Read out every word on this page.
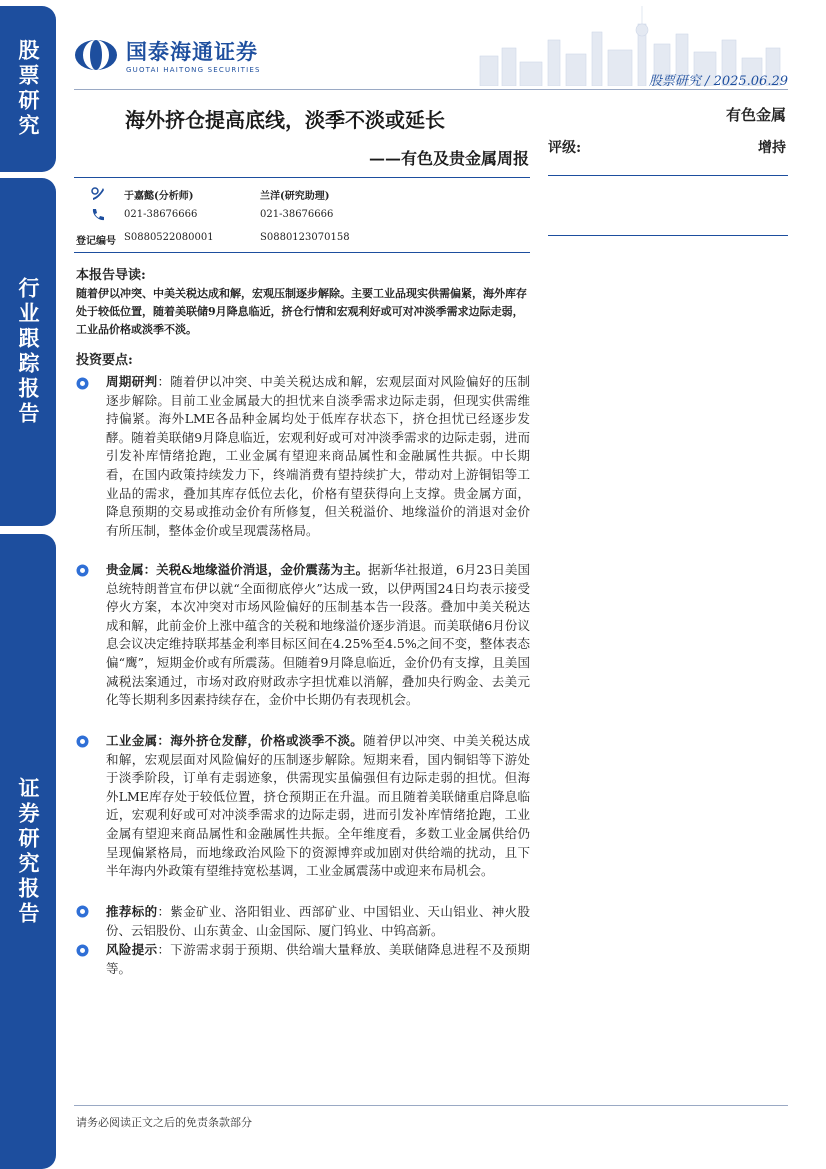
股票研究
行业跟踪报告
证券研究报告
国泰海通证券
GUOTAI HAITONG SECURITIES
股票研究 / 2025.06.29
海外挤仓提高底线，淡季不淡或延长
——有色及贵金属周报
有色金属
评级:	增持
于嘉懿(分析师)	兰洋(研究助理)
021-38676666	021-38676666
登记编号 S0880522080001	S0880123070158
本报告导读:
随着伊以冲突、中美关税达成和解，宏观压制逐步解除。主要工业品现实供需偏紧，海外库存处于较低位置，随着美联储9月降息临近，挤仓行情和宏观利好或可对冲淡季需求边际走弱，工业品价格或淡季不淡。
投资要点:
周期研判：随着伊以冲突、中美关税达成和解，宏观层面对风险偏好的压制逐步解除。目前工业金属最大的担忧来自淡季需求边际走弱，但现实供需维持偏紧。海外LME各品种金属均处于低库存状态下，挤仓担忧已经逐步发酵。随着美联储9月降息临近，宏观利好或可对冲淡季需求的边际走弱，进而引发补库情绪抢跑，工业金属有望迎来商品属性和金融属性共振。中长期看，在国内政策持续发力下，终端消费有望持续扩大，带动对上游铜铝等工业品的需求，叠加其库存低位去化，价格有望获得向上支撑。贵金属方面，降息预期的交易或推动金价有所修复，但关税溢价、地缘溢价的消退对金价有所压制，整体金价或呈现震荡格局。
贵金属：关税&地缘溢价消退，金价震荡为主。据新华社报道，6月23日美国总统特朗普宣布伊以就“全面彻底停火”达成一致，以伊两国24日均表示接受停火方案，本次冲突对市场风险偏好的压制基本告一段落。叠加中美关税达成和解，此前金价上涨中蕴含的关税和地缘溢价逐步消退。而美联储6月份议息会议决定维持联邦基金利率目标区间在4.25%至4.5%之间不变，整体表态偏“鹰”，短期金价或有所震荡。但随着9月降息临近，金价仍有支撑，且美国减税法案通过，市场对政府财政赤字担忧难以消解，叠加央行购金、去美元化等长期利多因素持续存在，金价中长期仍有表现机会。
工业金属：海外挤仓发酵，价格或淡季不淡。随着伊以冲突、中美关税达成和解，宏观层面对风险偏好的压制逐步解除。短期来看，国内铜铝等下游处于淡季阶段，订单有走弱迹象，供需现实虽偏强但有边际走弱的担忧。但海外LME库存处于较低位置，挤仓预期正在升温。而且随着美联储重启降息临近，宏观利好或可对冲淡季需求的边际走弱，进而引发补库情绪抢跑，工业金属有望迎来商品属性和金融属性共振。全年维度看，多数工业金属供给仍呈现偏紧格局，而地缘政治风险下的资源博弈或加剧对供给端的扰动，且下半年海内外政策有望维持宽松基调，工业金属震荡中或迎来布局机会。
推荐标的：紫金矿业、洛阳钼业、西部矿业、中国铝业、天山铝业、神火股份、云铝股份、山东黄金、山金国际、厦门钨业、中钨高新。
风险提示：下游需求弱于预期、供给端大量释放、美联储降息进程不及预期等。
请务必阅读正文之后的免责条款部分
